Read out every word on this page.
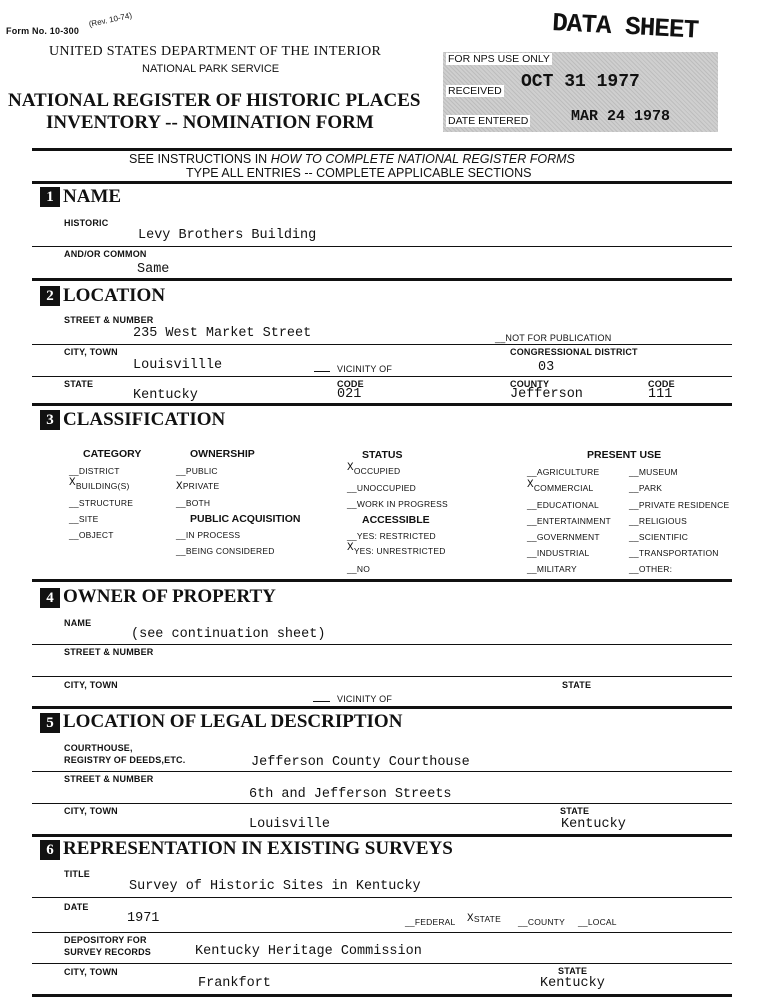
Form No. 10-300
(Rev. 10-74)
UNITED STATES DEPARTMENT OF THE INTERIOR
NATIONAL PARK SERVICE
NATIONAL REGISTER OF HISTORIC PLACES
INVENTORY -- NOMINATION FORM
DATA SHEET
FOR NPS USE ONLY
RECEIVED OCT 31 1977
DATE ENTERED	MAR 24 1978
SEE INSTRUCTIONS IN HOW TO COMPLETE NATIONAL REGISTER FORMS
TYPE ALL ENTRIES -- COMPLETE APPLICABLE SECTIONS
1 NAME
HISTORIC
Levy Brothers Building
AND/OR COMMON
Same
2 LOCATION
STREET & NUMBER
235 West Market Street	__NOT FOR PUBLICATION
CITY, TOWN	CONGRESSIONAL DISTRICT
Louisvillle	VICINITY OF	03
STATE	CODE	COUNTY	CODE
Kentucky	021	Jefferson	111
3 CLASSIFICATION
CATEGORY
__DISTRICT
XBUILDING(S)
__STRUCTURE
__SITE
__OBJECT
OWNERSHIP
__PUBLIC
XPRIVATE
__BOTH
PUBLIC ACQUISITION
__IN PROCESS
__BEING CONSIDERED
STATUS
XOCCUPIED
__UNOCCUPIED
__WORK IN PROGRESS
ACCESSIBLE
__YES: RESTRICTED
XYES: UNRESTRICTED
__NO
PRESENT USE
__AGRICULTURE
XCOMMERCIAL
__EDUCATIONAL
__ENTERTAINMENT
__GOVERNMENT
__INDUSTRIAL
__MILITARY
__MUSEUM
__PARK
__PRIVATE RESIDENCE
__RELIGIOUS
__SCIENTIFIC
__TRANSPORTATION
__OTHER:
4 OWNER OF PROPERTY
NAME
(see continuation sheet)
STREET & NUMBER
CITY, TOWN	STATE
VICINITY OF
5 LOCATION OF LEGAL DESCRIPTION
COURTHOUSE,
REGISTRY OF DEEDS,ETC.	Jefferson County Courthouse
STREET & NUMBER
6th and Jefferson Streets
CITY, TOWN	STATE
Louisville	Kentucky
6 REPRESENTATION IN EXISTING SURVEYS
TITLE
Survey of Historic Sites in Kentucky
DATE
1971	__FEDERAL XSTATE __COUNTY __LOCAL
DEPOSITORY FOR
SURVEY RECORDS	Kentucky Heritage Commission
CITY, TOWN	STATE
Frankfort	Kentucky
